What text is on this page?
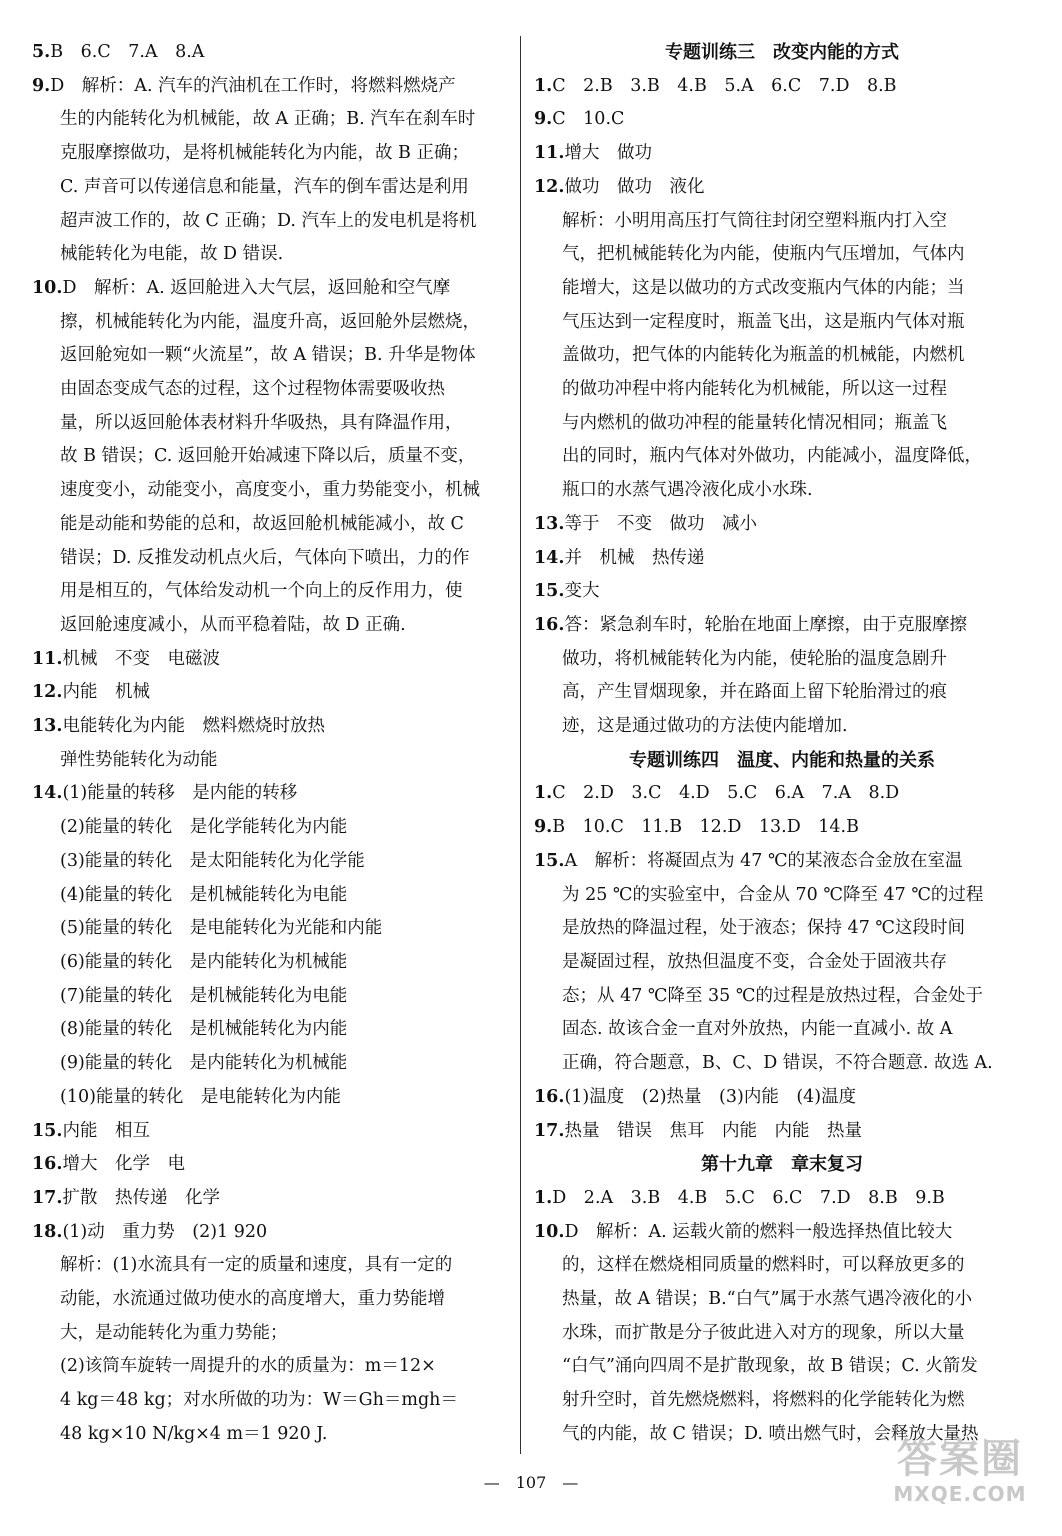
5.B　6.C　7.A　8.A

9.D　解析：A. 汽车的汽油机在工作时，将燃料燃烧产

生的内能转化为机械能，故 A 正确；B. 汽车在刹车时

克服摩擦做功，是将机械能转化为内能，故 B 正确；

C. 声音可以传递信息和能量，汽车的倒车雷达是利用

超声波工作的，故 C 正确；D. 汽车上的发电机是将机

械能转化为电能，故 D 错误.

10.D　解析：A. 返回舱进入大气层，返回舱和空气摩

擦，机械能转化为内能，温度升高，返回舱外层燃烧，

返回舱宛如一颗“火流星”，故 A 错误；B. 升华是物体

由固态变成气态的过程，这个过程物体需要吸收热

量，所以返回舱体表材料升华吸热，具有降温作用，

故 B 错误；C. 返回舱开始减速下降以后，质量不变，

速度变小，动能变小，高度变小，重力势能变小，机械

能是动能和势能的总和，故返回舱机械能减小，故 C

错误；D. 反推发动机点火后，气体向下喷出，力的作

用是相互的，气体给发动机一个向上的反作用力，使

返回舱速度减小，从而平稳着陆，故 D 正确.

11.机械　不变　电磁波

12.内能　机械

13.电能转化为内能　燃料燃烧时放热

弹性势能转化为动能

14.(1)能量的转移　是内能的转移

(2)能量的转化　是化学能转化为内能

(3)能量的转化　是太阳能转化为化学能

(4)能量的转化　是机械能转化为电能

(5)能量的转化　是电能转化为光能和内能

(6)能量的转化　是内能转化为机械能

(7)能量的转化　是机械能转化为电能

(8)能量的转化　是机械能转化为内能

(9)能量的转化　是内能转化为机械能

(10)能量的转化　是电能转化为内能

15.内能　相互

16.增大　化学　电

17.扩散　热传递　化学

18.(1)动　重力势　(2)1 920

解析：(1)水流具有一定的质量和速度，具有一定的

动能，水流通过做功使水的高度增大，重力势能增

大，是动能转化为重力势能；

(2)该筒车旋转一周提升的水的质量为：m＝12×

4 kg＝48 kg；对水所做的功为：W＝Gh＝mgh＝

48 kg×10 N/kg×4 m＝1 920 J.

专题训练三　改变内能的方式

1.C　2.B　3.B　4.B　5.A　6.C　7.D　8.B

9.C　10.C

11.增大　做功

12.做功　做功　液化

解析：小明用高压打气筒往封闭空塑料瓶内打入空

气，把机械能转化为内能，使瓶内气压增加，气体内

能增大，这是以做功的方式改变瓶内气体的内能；当

气压达到一定程度时，瓶盖飞出，这是瓶内气体对瓶

盖做功，把气体的内能转化为瓶盖的机械能，内燃机

的做功冲程中将内能转化为机械能，所以这一过程

与内燃机的做功冲程的能量转化情况相同；瓶盖飞

出的同时，瓶内气体对外做功，内能减小，温度降低，

瓶口的水蒸气遇冷液化成小水珠.

13.等于　不变　做功　减小

14.并　机械　热传递

15.变大

16.答：紧急刹车时，轮胎在地面上摩擦，由于克服摩擦

做功，将机械能转化为内能，使轮胎的温度急剧升

高，产生冒烟现象，并在路面上留下轮胎滑过的痕

迹，这是通过做功的方法使内能增加.

专题训练四　温度、内能和热量的关系

1.C　2.D　3.C　4.D　5.C　6.A　7.A　8.D

9.B　10.C　11.B　12.D　13.D　14.B

15.A　解析：将凝固点为 47 ℃的某液态合金放在室温

为 25 ℃的实验室中，合金从 70 ℃降至 47 ℃的过程

是放热的降温过程，处于液态；保持 47 ℃这段时间

是凝固过程，放热但温度不变，合金处于固液共存

态；从 47 ℃降至 35 ℃的过程是放热过程，合金处于

固态. 故该合金一直对外放热，内能一直减小. 故 A

正确，符合题意，B、C、D 错误，不符合题意. 故选 A.

16.(1)温度　(2)热量　(3)内能　(4)温度

17.热量　错误　焦耳　内能　内能　热量

第十九章　章末复习

1.D　2.A　3.B　4.B　5.C　6.C　7.D　8.B　9.B

10.D　解析：A. 运载火箭的燃料一般选择热值比较大

的，这样在燃烧相同质量的燃料时，可以释放更多的

热量，故 A 错误；B.“白气”属于水蒸气遇冷液化的小

水珠，而扩散是分子彼此进入对方的现象，所以大量

“白气”涌向四周不是扩散现象，故 B 错误；C. 火箭发

射升空时，首先燃烧燃料，将燃料的化学能转化为燃

气的内能，故 C 错误；D. 喷出燃气时，会释放大量热

—　107　—
答案圈
MXQE.COM
